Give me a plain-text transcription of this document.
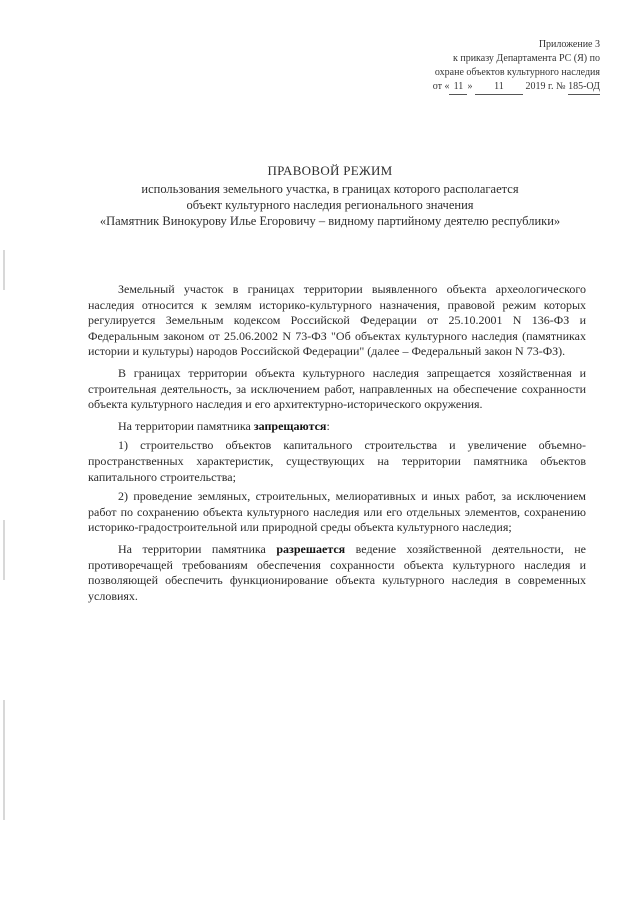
Приложение 3
к приказу Департамента РС (Я) по
охране объектов культурного наследия
от « 11 » 11 2019 г. № 185-ОД
ПРАВОВОЙ РЕЖИМ
использования земельного участка, в границах которого располагается
объект культурного наследия регионального значения
«Памятник Винокурову Илье Егоровичу – видному партийному деятелю республики»

Земельный участок в границах территории выявленного объекта археологического наследия относится к землям историко-культурного назначения, правовой режим которых регулируется Земельным кодексом Российской Федерации от 25.10.2001 N 136-ФЗ и Федеральным законом от 25.06.2002 N 73-ФЗ "Об объектах культурного наследия (памятниках истории и культуры) народов Российской Федерации" (далее – Федеральный закон N 73-ФЗ).

В границах территории объекта культурного наследия запрещается хозяйственная и строительная деятельность, за исключением работ, направленных на обеспечение сохранности объекта культурного наследия и его архитектурно-исторического окружения.

На территории памятника запрещаются:

1) строительство объектов капитального строительства и увеличение объемно-пространственных характеристик, существующих на территории памятника объектов капитального строительства;

2) проведение земляных, строительных, мелиоративных и иных работ, за исключением работ по сохранению объекта культурного наследия или его отдельных элементов, сохранению историко-градостроительной или природной среды объекта культурного наследия;

На территории памятника разрешается ведение хозяйственной деятельности, не противоречащей требованиям обеспечения сохранности объекта культурного наследия и позволяющей обеспечить функционирование объекта культурного наследия в современных условиях.
